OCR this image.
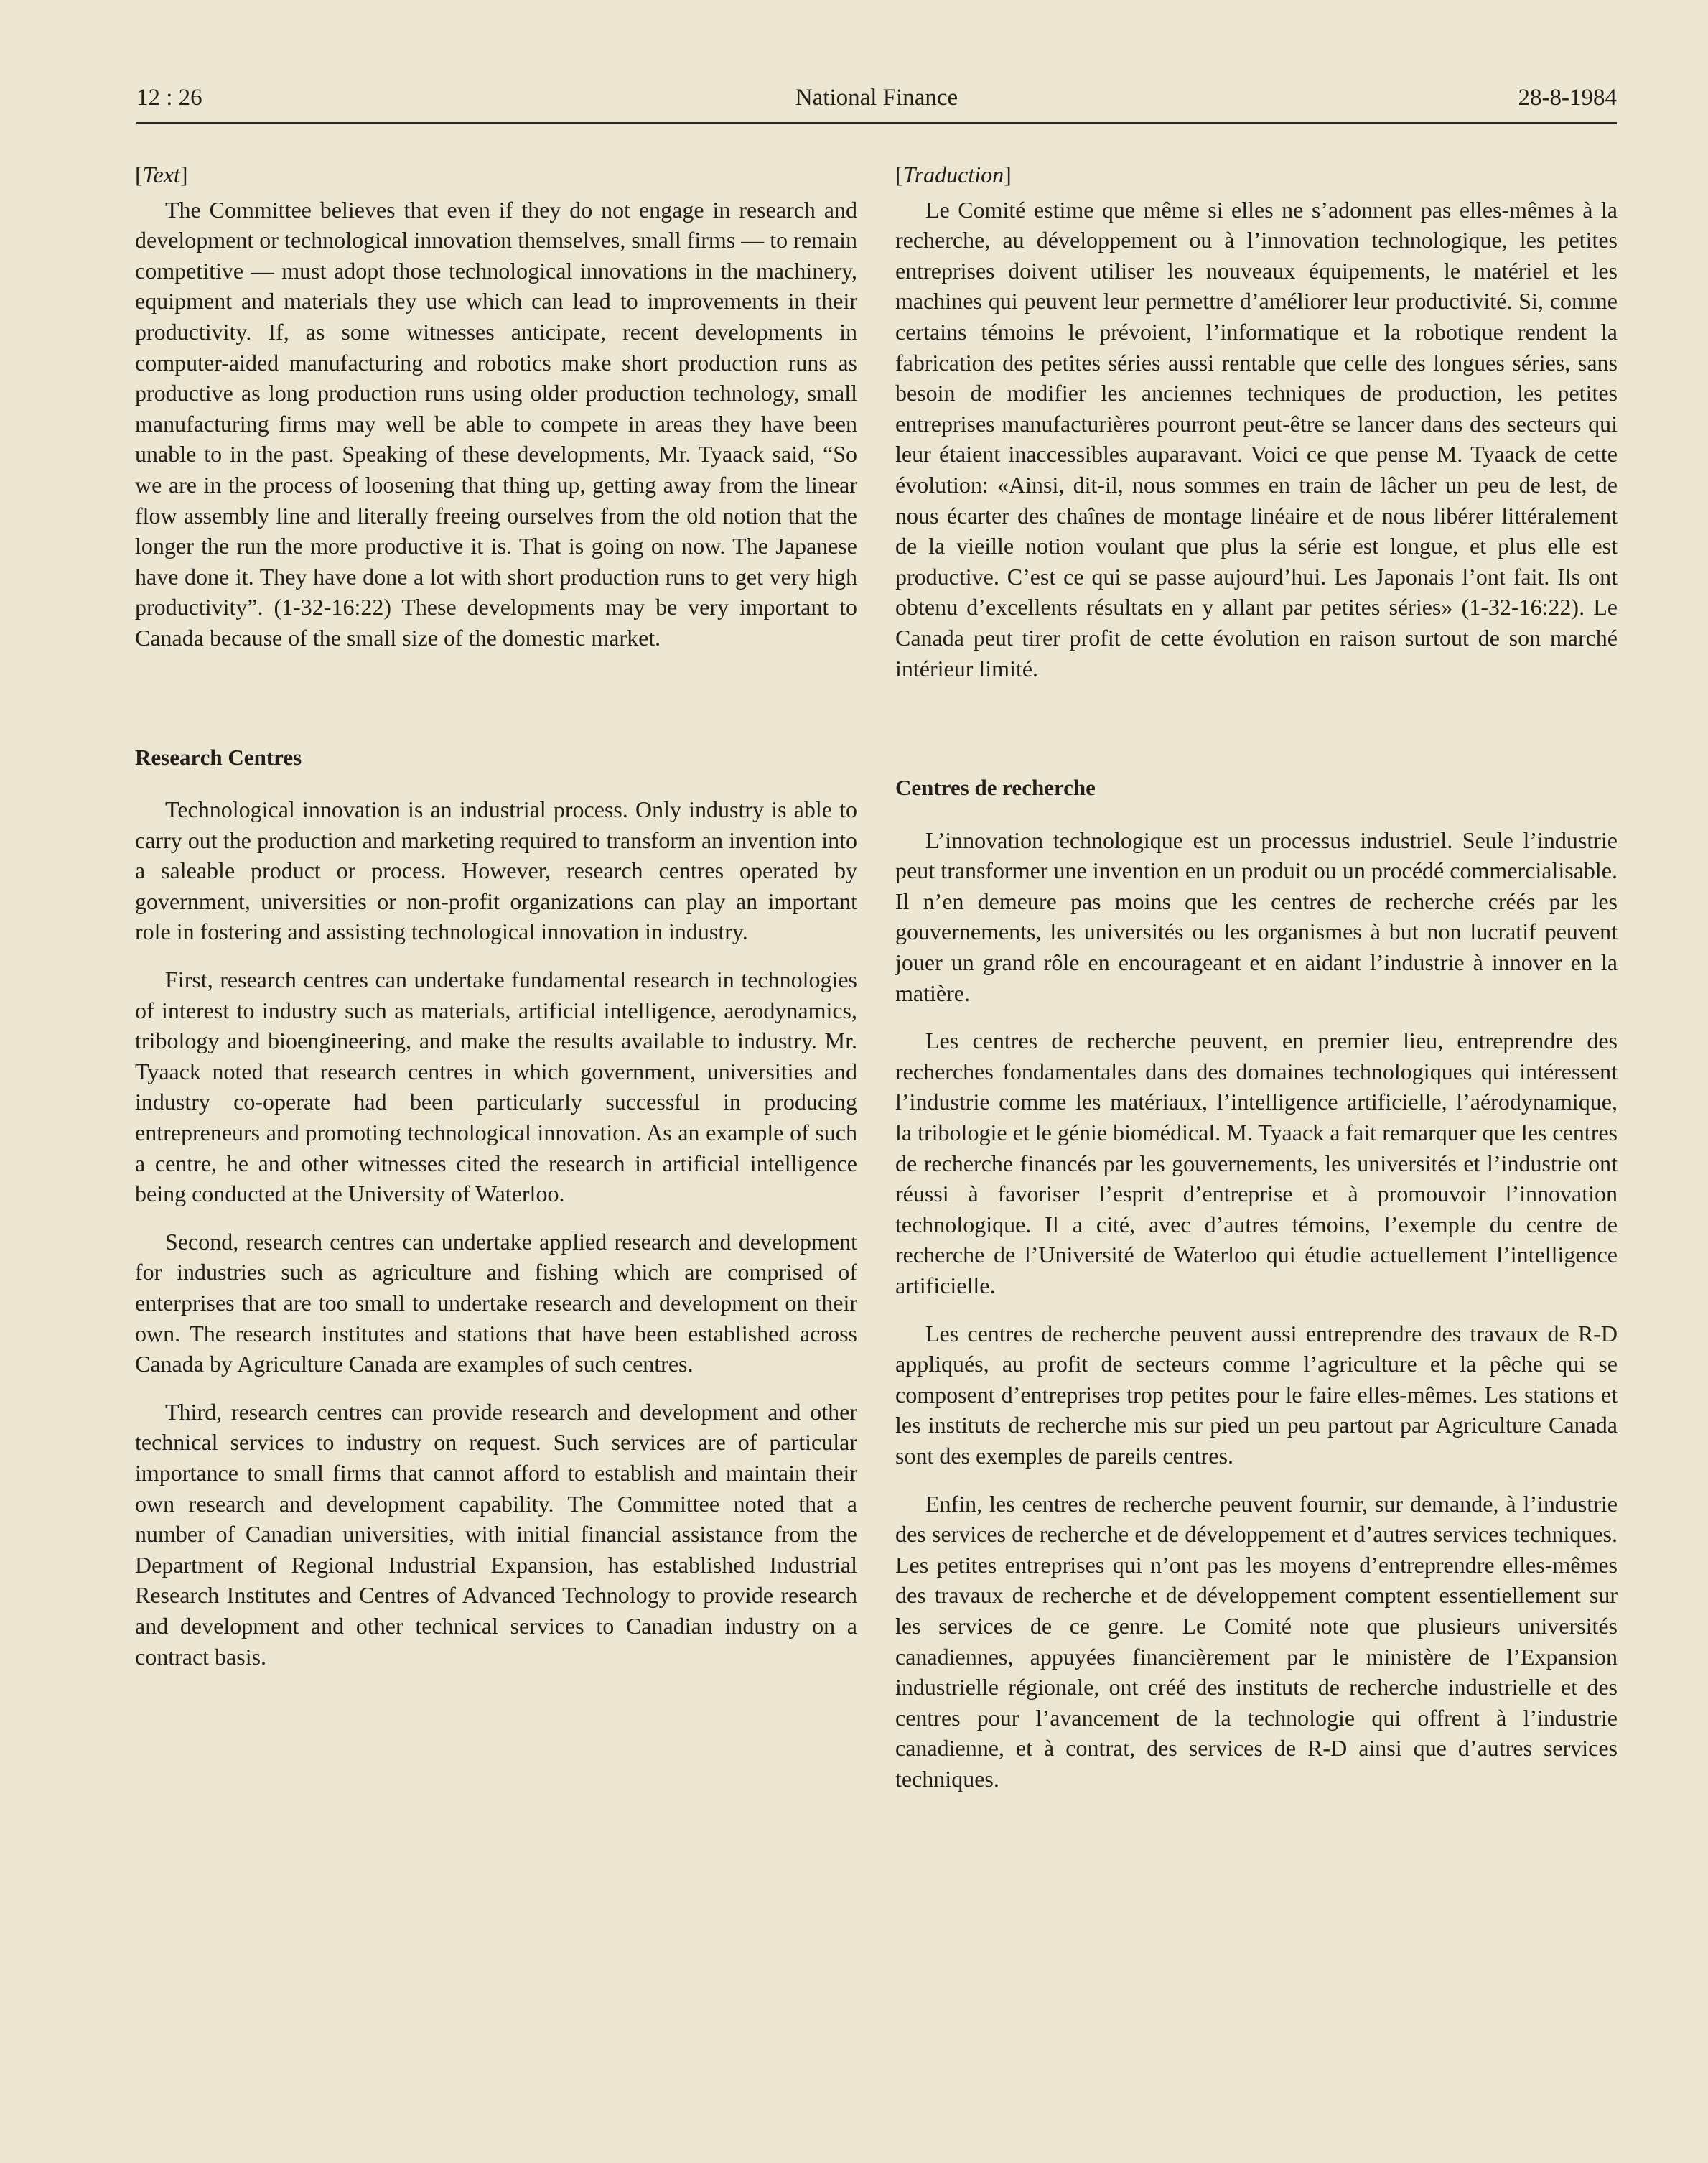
12 : 26	National Finance	28-8-1984
[Text]

The Committee believes that even if they do not engage in research and development or technological innovation themselves, small firms — to remain competitive — must adopt those technological innovations in the machinery, equipment and materials they use which can lead to improvements in their productivity. If, as some witnesses anticipate, recent developments in computer-aided manufacturing and robotics make short production runs as productive as long production runs using older production technology, small manufacturing firms may well be able to compete in areas they have been unable to in the past. Speaking of these developments, Mr. Tyaack said, “So we are in the process of loosening that thing up, getting away from the linear flow assembly line and literally freeing ourselves from the old notion that the longer the run the more productive it is. That is going on now. The Japanese have done it. They have done a lot with short production runs to get very high productivity”. (1-32-16:22) These developments may be very important to Canada because of the small size of the domestic market.

Research Centres

Technological innovation is an industrial process. Only industry is able to carry out the production and marketing required to transform an invention into a saleable product or process. However, research centres operated by government, universities or non-profit organizations can play an important role in fostering and assisting technological innovation in industry.

First, research centres can undertake fundamental research in technologies of interest to industry such as materials, artificial intelligence, aerodynamics, tribology and bioengineering, and make the results available to industry. Mr. Tyaack noted that research centres in which government, universities and industry co-operate had been particularly successful in producing entrepreneurs and promoting technological innovation. As an example of such a centre, he and other witnesses cited the research in artificial intelligence being conducted at the University of Waterloo.

Second, research centres can undertake applied research and development for industries such as agriculture and fishing which are comprised of enterprises that are too small to undertake research and development on their own. The research institutes and stations that have been established across Canada by Agriculture Canada are examples of such centres.

Third, research centres can provide research and development and other technical services to industry on request. Such services are of particular importance to small firms that cannot afford to establish and maintain their own research and development capability. The Committee noted that a number of Canadian universities, with initial financial assistance from the Department of Regional Industrial Expansion, has established Industrial Research Institutes and Centres of Advanced Technology to provide research and development and other technical services to Canadian industry on a contract basis.

[Traduction]

Le Comité estime que même si elles ne s’adonnent pas elles-mêmes à la recherche, au développement ou à l’innovation technologique, les petites entreprises doivent utiliser les nouveaux équipements, le matériel et les machines qui peuvent leur permettre d’améliorer leur productivité. Si, comme certains témoins le prévoient, l’informatique et la robotique rendent la fabrication des petites séries aussi rentable que celle des longues séries, sans besoin de modifier les anciennes techniques de production, les petites entreprises manufacturières pourront peut-être se lancer dans des secteurs qui leur étaient inaccessibles auparavant. Voici ce que pense M. Tyaack de cette évolution: «Ainsi, dit-il, nous sommes en train de lâcher un peu de lest, de nous écarter des chaînes de montage linéaire et de nous libérer littéralement de la vieille notion voulant que plus la série est longue, et plus elle est productive. C’est ce qui se passe aujourd’hui. Les Japonais l’ont fait. Ils ont obtenu d’excellents résultats en y allant par petites séries» (1-32-16:22). Le Canada peut tirer profit de cette évolution en raison surtout de son marché intérieur limité.

Centres de recherche

L’innovation technologique est un processus industriel. Seule l’industrie peut transformer une invention en un produit ou un procédé commercialisable. Il n’en demeure pas moins que les centres de recherche créés par les gouvernements, les universités ou les organismes à but non lucratif peuvent jouer un grand rôle en encourageant et en aidant l’industrie à innover en la matière.

Les centres de recherche peuvent, en premier lieu, entreprendre des recherches fondamentales dans des domaines technologiques qui intéressent l’industrie comme les matériaux, l’intelligence artificielle, l’aérodynamique, la tribologie et le génie biomédical. M. Tyaack a fait remarquer que les centres de recherche financés par les gouvernements, les universités et l’industrie ont réussi à favoriser l’esprit d’entreprise et à promouvoir l’innovation technologique. Il a cité, avec d’autres témoins, l’exemple du centre de recherche de l’Université de Waterloo qui étudie actuellement l’intelligence artificielle.

Les centres de recherche peuvent aussi entreprendre des travaux de R-D appliqués, au profit de secteurs comme l’agriculture et la pêche qui se composent d’entreprises trop petites pour le faire elles-mêmes. Les stations et les instituts de recherche mis sur pied un peu partout par Agriculture Canada sont des exemples de pareils centres.

Enfin, les centres de recherche peuvent fournir, sur demande, à l’industrie des services de recherche et de développement et d’autres services techniques. Les petites entreprises qui n’ont pas les moyens d’entreprendre elles-mêmes des travaux de recherche et de développement comptent essentiellement sur les services de ce genre. Le Comité note que plusieurs universités canadiennes, appuyées financièrement par le ministère de l’Expansion industrielle régionale, ont créé des instituts de recherche industrielle et des centres pour l’avancement de la technologie qui offrent à l’industrie canadienne, et à contrat, des services de R-D ainsi que d’autres services techniques.
